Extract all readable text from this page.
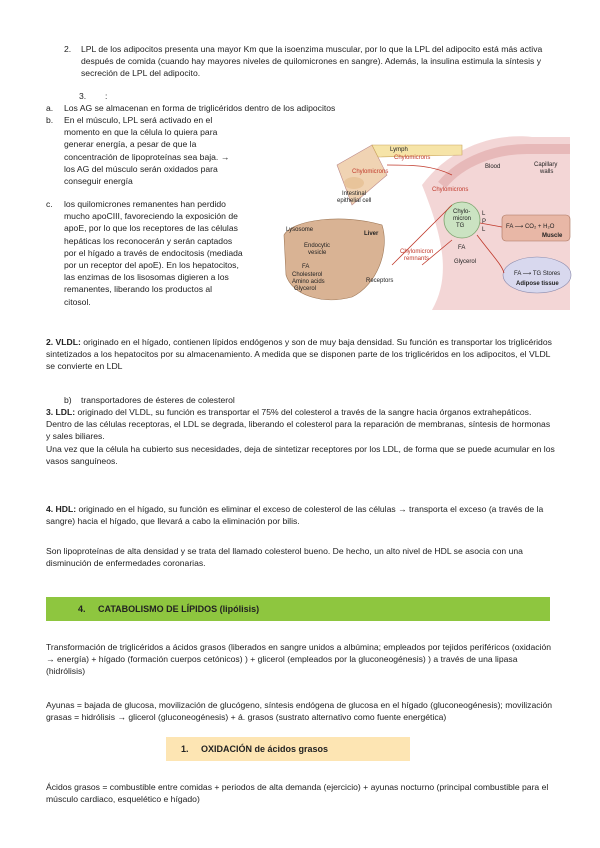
2. LPL de los adipocitos presenta una mayor Km que la isoenzima muscular, por lo que la LPL del adipocito está más activa después de comida (cuando hay mayores niveles de quilomicrones en sangre). Además, la insulina estimula la síntesis y secreción de LPL del adipocito.

3. :
a. Los AG se almacenan en forma de triglicéridos dentro de los adipocitos

b. En el músculo, LPL será activado en el
momento en que la célula lo quiera para
generar energía, a pesar de que la
concentración de lipoproteínas sea baja. →
los AG del músculo serán oxidados para
conseguir energía
c. los quilomicrones remanentes han perdido
mucho apoCIII, favoreciendo la exposición de
apoE, por lo que los receptores de las células
hepáticas los reconocerán y serán captados
por el hígado a través de endocitosis (mediada
por un receptor del apoE). En los hepatocitos,
las enzimas de los lisosomas digieren a los
remanentes, liberando los productos al
citosol.
Lymph
Chylomicrons
Blood	Capillary
walls
Intestinal
epithelial cell
Chylomicrons
Chylomicrons
Lysosome
Liver
Endocytic
vesicle
FA
Cholesterol
Amino acids
Glycerol
Receptors
Chylomicron
remnants
Chylo-
micron
TG
FA
Glycerol
FA ⟶ CO₂ + H₂O
Muscle
FA ⟶ TG Stores
Adipose tissue
L
P
L

2. VLDL: originado en el hígado, contienen lípidos endógenos y son de muy baja densidad. Su función es transportar los triglicéridos sintetizados a los hepatocitos por su almacenamiento. A medida que se disponen parte de los triglicéridos en los adipocitos, el VLDL se convierte en LDL

b) transportadores de ésteres de colesterol

3. LDL: originado del VLDL, su función es transportar el 75% del colesterol a través de la sangre hacia órganos extrahepáticos.

Dentro de las células receptoras, el LDL se degrada, liberando el colesterol para la reparación de membranas, síntesis de hormonas y sales biliares.

Una vez que la célula ha cubierto sus necesidades, deja de sintetizar receptores por los LDL, de forma que se puede acumular en los vasos sanguíneos.

4. HDL: originado en el hígado, su función es eliminar el exceso de colesterol de las células → transporta el exceso (a través de la sangre) hacia el hígado, que llevará a cabo la eliminación por bilis.

Son lipoproteínas de alta densidad y se trata del llamado colesterol bueno. De hecho, un alto nivel de HDL se asocia con una disminución de enfermedades coronarias.

4.     CATABOLISMO DE LÍPIDOS (lipólisis)

Transformación de triglicéridos a ácidos grasos (liberados en sangre unidos a albúmina; empleados por tejidos periféricos (oxidación → energía) + hígado (formación cuerpos cetónicos) ) + glicerol (empleados por la gluconeogénesis) ) a través de una lipasa (hidrólisis)

Ayunas = bajada de glucosa, movilización de glucógeno, síntesis endógena de glucosa en el hígado (gluconeogénesis); movilización grasas = hidrólisis → glicerol (gluconeogénesis) + á. grasos (sustrato alternativo como fuente energética)

1.     OXIDACIÓN de ácidos grasos

Ácidos grasos = combustible entre comidas + periodos de alta demanda (ejercicio) + ayunas nocturno (principal combustible para el músculo cardiaco, esquelético e hígado)
